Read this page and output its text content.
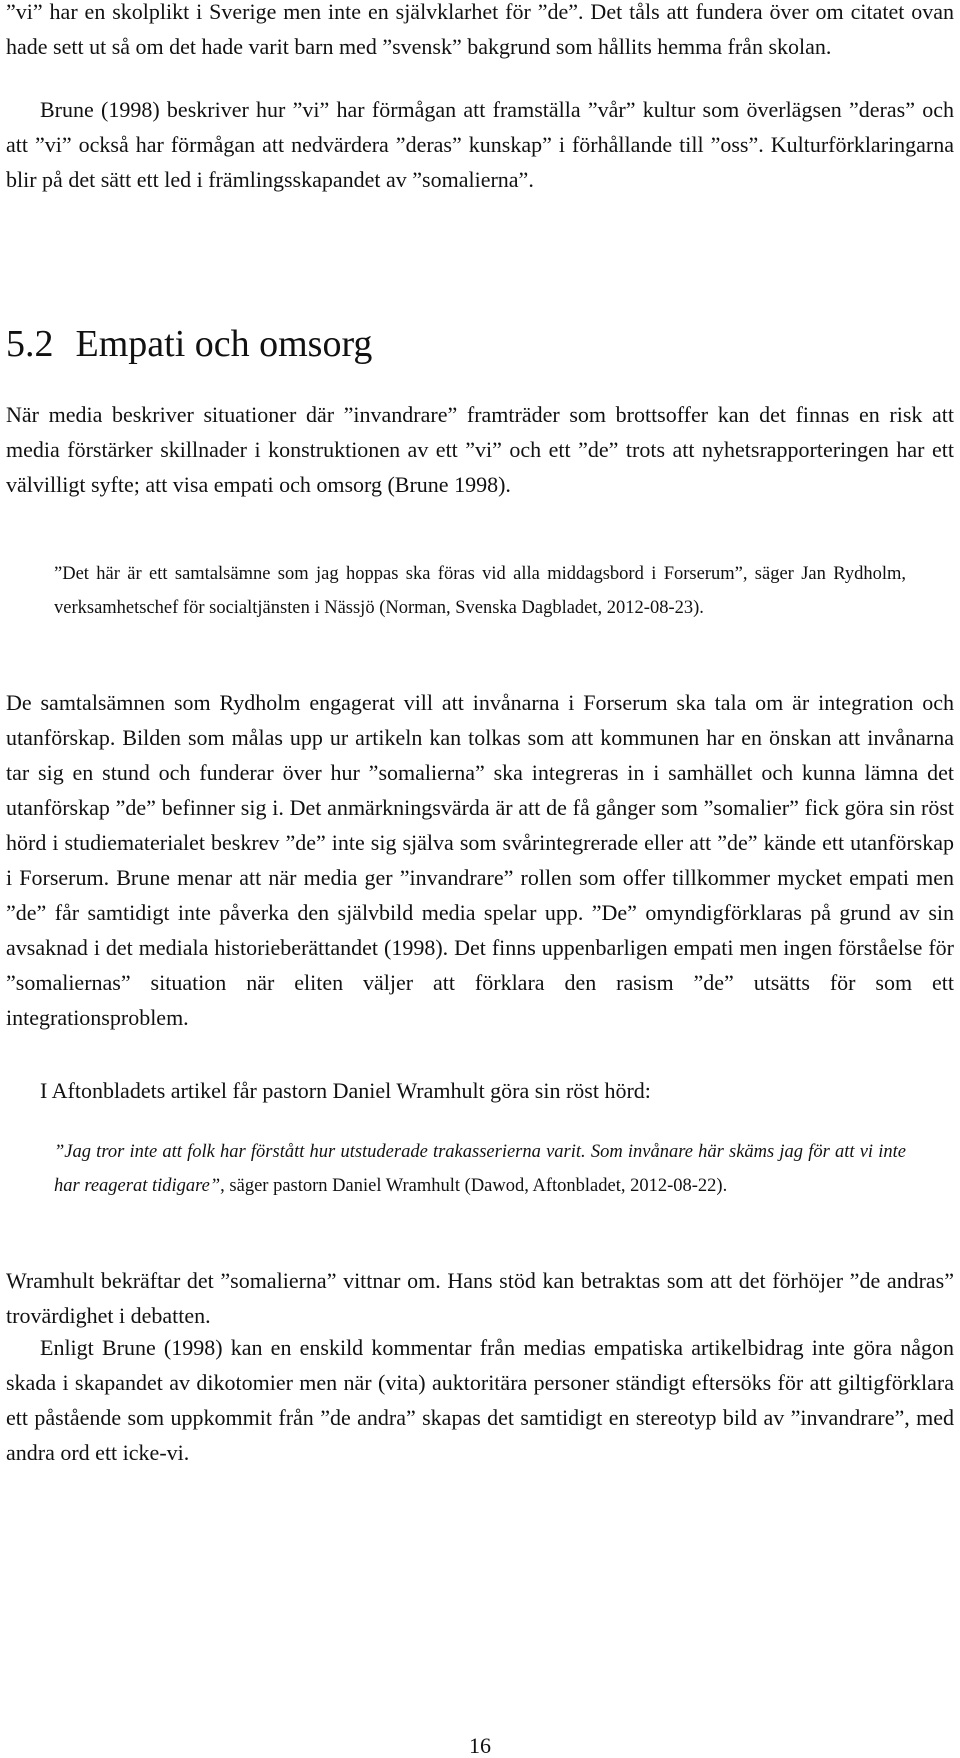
”vi” har en skolplikt i Sverige men inte en självklarhet för ”de”. Det tåls att fundera över om citatet ovan hade sett ut så om det hade varit barn med ”svensk” bakgrund som hållits hemma från skolan.

Brune (1998) beskriver hur ”vi” har förmågan att framställa ”vår” kultur som överlägsen ”deras” och att ”vi” också har förmågan att nedvärdera ”deras” kunskap” i förhållande till ”oss”. Kulturförklaringarna blir på det sätt ett led i främlingsskapandet av ”somalierna”.

5.2 Empati och omsorg

När media beskriver situationer där ”invandrare” framträder som brottsoffer kan det finnas en risk att media förstärker skillnader i konstruktionen av ett ”vi” och ett ”de” trots att nyhetsrapporteringen har ett välvilligt syfte; att visa empati och omsorg (Brune 1998).

”Det här är ett samtalsämne som jag hoppas ska föras vid alla middagsbord i Forserum”, säger Jan Rydholm, verksamhetschef för socialtjänsten i Nässjö (Norman, Svenska Dagbladet, 2012-08-23).

De samtalsämnen som Rydholm engagerat vill att invånarna i Forserum ska tala om är integration och utanförskap. Bilden som målas upp ur artikeln kan tolkas som att kommunen har en önskan att invånarna tar sig en stund och funderar över hur ”somalierna” ska integreras in i samhället och kunna lämna det utanförskap ”de” befinner sig i. Det anmärkningsvärda är att de få gånger som ”somalier” fick göra sin röst hörd i studiematerialet beskrev ”de” inte sig själva som svårintegrerade eller att ”de” kände ett utanförskap i Forserum. Brune menar att när media ger ”invandrare” rollen som offer tillkommer mycket empati men ”de” får samtidigt inte påverka den självbild media spelar upp. ”De” omyndigförklaras på grund av sin avsaknad i det mediala historieberättandet (1998). Det finns uppenbarligen empati men ingen förståelse för ”somaliernas” situation när eliten väljer att förklara den rasism ”de” utsätts för som ett integrationsproblem.

I Aftonbladets artikel får pastorn Daniel Wramhult göra sin röst hörd:

”Jag tror inte att folk har förstått hur utstuderade trakasserierna varit. Som invånare här skäms jag för att vi inte har reagerat tidigare”, säger pastorn Daniel Wramhult (Dawod, Aftonbladet, 2012-08-22).

Wramhult bekräftar det ”somalierna” vittnar om. Hans stöd kan betraktas som att det förhöjer ”de andras” trovärdighet i debatten.

Enligt Brune (1998) kan en enskild kommentar från medias empatiska artikelbidrag inte göra någon skada i skapandet av dikotomier men när (vita) auktoritära personer ständigt eftersöks för att giltigförklara ett påstående som uppkommit från ”de andra” skapas det samtidigt en stereotyp bild av ”invandrare”, med andra ord ett icke-vi.

16
